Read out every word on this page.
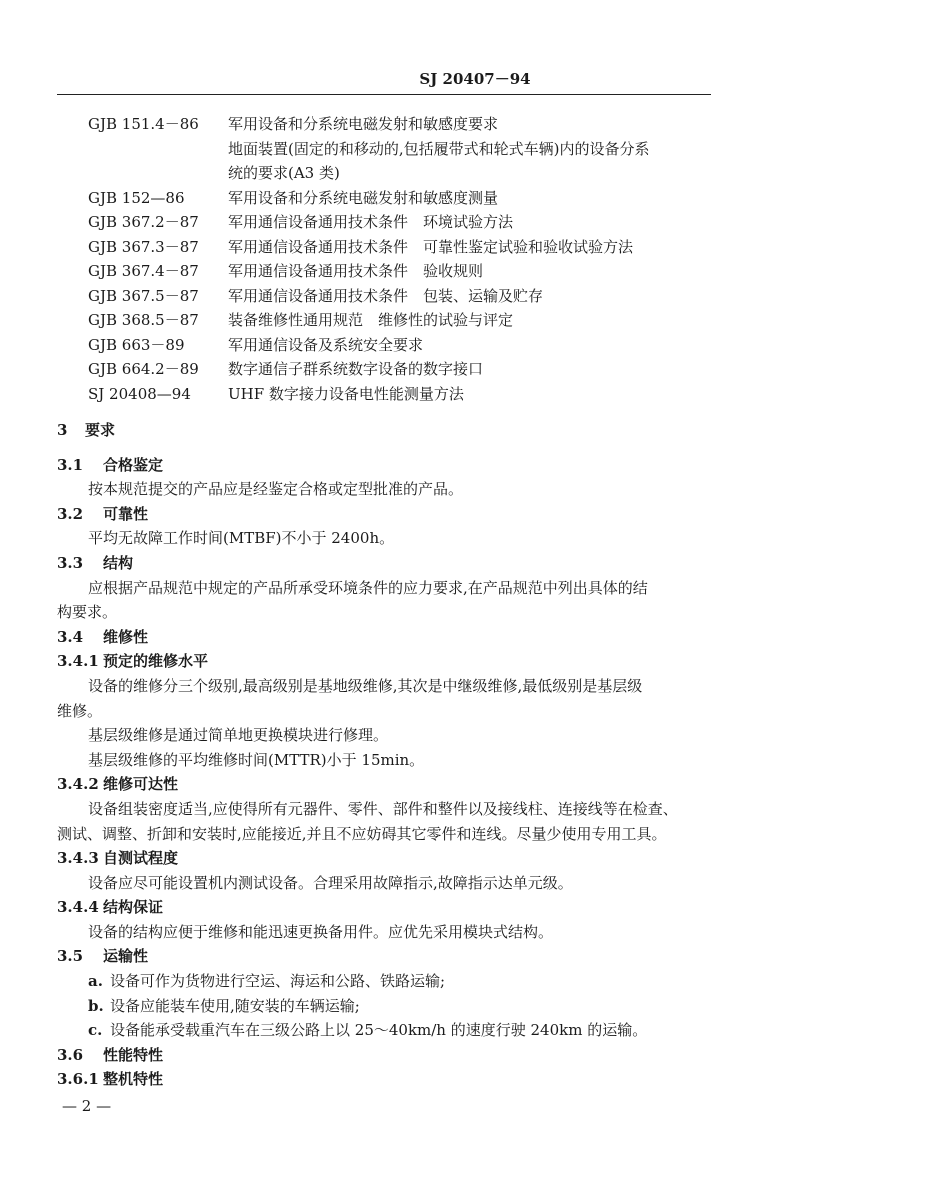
SJ 20407－94
GJB 151.4－86	军用设备和分系统电磁发射和敏感度要求
地面装置(固定的和移动的,包括履带式和轮式车辆)内的设备分系
统的要求(A3 类)
GJB 152—86	军用设备和分系统电磁发射和敏感度测量
GJB 367.2－87	军用通信设备通用技术条件　环境试验方法
GJB 367.3－87	军用通信设备通用技术条件　可靠性鉴定试验和验收试验方法
GJB 367.4－87	军用通信设备通用技术条件　验收规则
GJB 367.5－87	军用通信设备通用技术条件　包装、运输及贮存
GJB 368.5－87	装备维修性通用规范　维修性的试验与评定
GJB 663－89	军用通信设备及系统安全要求
GJB 664.2－89	数字通信子群系统数字设备的数字接口
SJ 20408—94	UHF 数字接力设备电性能测量方法

3 要求

3.1 合格鉴定

按本规范提交的产品应是经鉴定合格或定型批准的产品。

3.2 可靠性

平均无故障工作时间(MTBF)不小于 2400h。

3.3 结构

应根据产品规范中规定的产品所承受环境条件的应力要求,在产品规范中列出具体的结

构要求。

3.4 维修性

3.4.1 预定的维修水平

设备的维修分三个级别,最高级别是基地级维修,其次是中继级维修,最低级别是基层级

维修。

基层级维修是通过简单地更换模块进行修理。

基层级维修的平均维修时间(MTTR)小于 15min。

3.4.2 维修可达性

设备组装密度适当,应使得所有元器件、零件、部件和整件以及接线柱、连接线等在检查、

测试、调整、折卸和安装时,应能接近,并且不应妨碍其它零件和连线。尽量少使用专用工具。

3.4.3 自测试程度

设备应尽可能设置机内测试设备。合理采用故障指示,故障指示达单元级。

3.4.4 结构保证

设备的结构应便于维修和能迅速更换备用件。应优先采用模块式结构。

3.5 运输性

a. 设备可作为货物进行空运、海运和公路、铁路运输;

b. 设备应能装车使用,随安装的车辆运输;

c. 设备能承受载重汽车在三级公路上以 25～40km/h 的速度行驶 240km 的运输。

3.6 性能特性

3.6.1 整机特性

— 2 —
